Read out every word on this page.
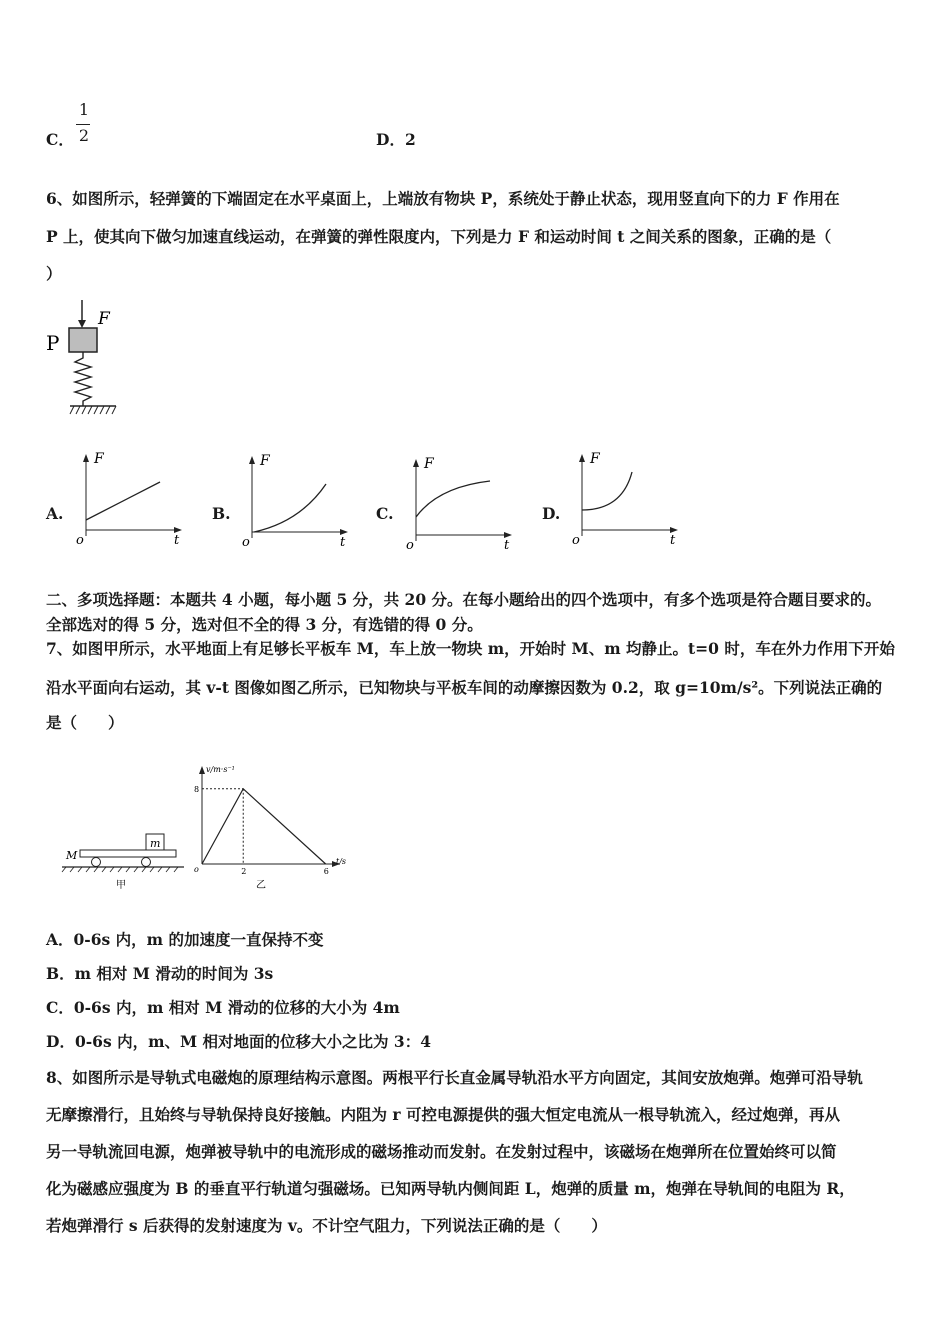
C．
1
2	D．2
6、如图所示，轻弹簧的下端固定在水平桌面上，上端放有物块 P，系统处于静止状态，现用竖直向下的力 F 作用在
P 上，使其向下做匀加速直线运动，在弹簧的弹性限度内，下列是力 F 和运动时间 t 之间关系的图象，正确的是（
）
P
F
A.
F
t
o
B.
F
t
o
C.
F
t
o
D.
F
t
o
二、多项选择题：本题共 4 小题，每小题 5 分，共 20 分。在每小题给出的四个选项中，有多个选项是符合题目要求的。
全部选对的得 5 分，选对但不全的得 3 分，有选错的得 0 分。
7、如图甲所示，水平地面上有足够长平板车 M，车上放一物块 m，开始时 M、m 均静止。t=0 时，车在外力作用下开始
沿水平面向右运动，其 v-t 图像如图乙所示，已知物块与平板车间的动摩擦因数为 0.2，取 g=10m/s²。下列说法正确的
是（　　）
m
M
甲
v/m·s⁻¹
t/s
o
8
2	6
乙
A．0-6s 内，m 的加速度一直保持不变
B．m 相对 M 滑动的时间为 3s
C．0-6s 内，m 相对 M 滑动的位移的大小为 4m
D．0-6s 内，m、M 相对地面的位移大小之比为 3：4
8、如图所示是导轨式电磁炮的原理结构示意图。两根平行长直金属导轨沿水平方向固定，其间安放炮弹。炮弹可沿导轨
无摩擦滑行，且始终与导轨保持良好接触。内阻为 r 可控电源提供的强大恒定电流从一根导轨流入，经过炮弹，再从
另一导轨流回电源，炮弹被导轨中的电流形成的磁场推动而发射。在发射过程中，该磁场在炮弹所在位置始终可以简
化为磁感应强度为 B 的垂直平行轨道匀强磁场。已知两导轨内侧间距 L，炮弹的质量 m，炮弹在导轨间的电阻为 R，
若炮弹滑行 s 后获得的发射速度为 v。不计空气阻力，下列说法正确的是（　　）
